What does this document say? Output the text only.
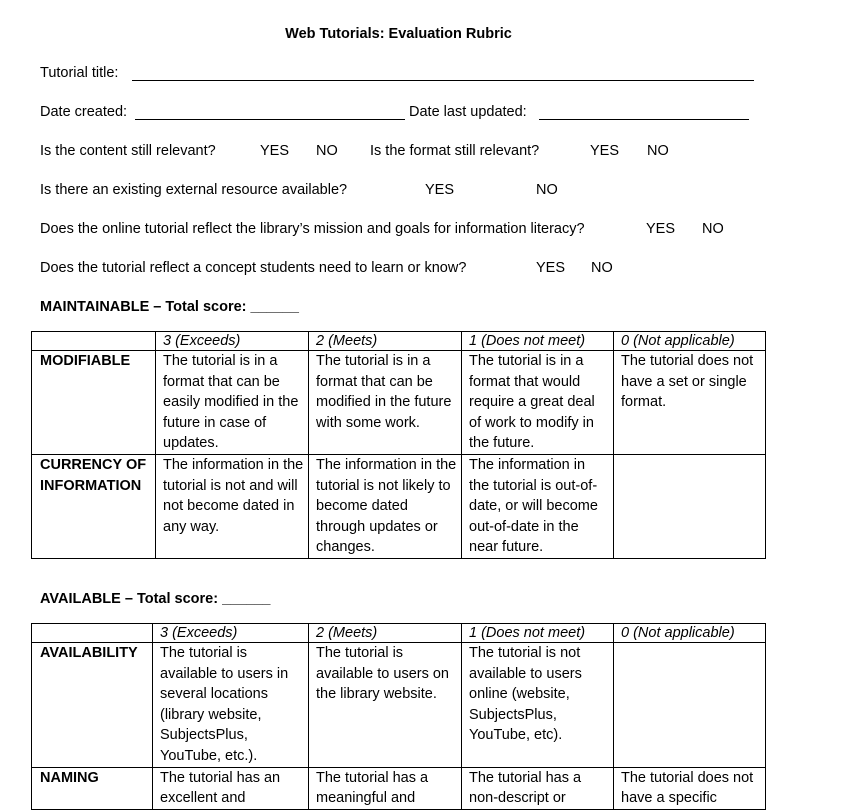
Web Tutorials: Evaluation Rubric
Tutorial title:
Date created:	Date last updated:
Is the content still relevant?	YES NO Is the format still relevant?	YES NO
Is there an existing external resource available?	YES	NO
Does the online tutorial reflect the library’s mission and goals for information literacy?	YES NO
Does the tutorial reflect a concept students need to learn or know?	YES NO
MAINTAINABLE – Total score: ______
	3 (Exceeds)	2 (Meets)	1 (Does not meet)	0 (Not applicable)
MODIFIABLE	The tutorial is in a format that can be easily modified in the future in case of updates.	The tutorial is in a format that can be modified in the future with some work.	The tutorial is in a format that would require a great deal of work to modify in the future.	The tutorial does not have a set or single format.
CURRENCY OF INFORMATION	The information in the tutorial is not and will not become dated in any way.	The information in the tutorial is not likely to become dated through updates or changes.	The information in the tutorial is out-of-date, or will become out-of-date in the near future.	
AVAILABLE – Total score: ______
	3 (Exceeds)	2 (Meets)	1 (Does not meet)	0 (Not applicable)
AVAILABILITY	The tutorial is available to users in several locations (library website, SubjectsPlus, YouTube, etc.).	The tutorial is available to users on the library website.	The tutorial is not available to users online (website, SubjectsPlus, YouTube, etc).	
NAMING	The tutorial has an excellent and	The tutorial has a meaningful and	The tutorial has a non-descript or	The tutorial does not have a specific
